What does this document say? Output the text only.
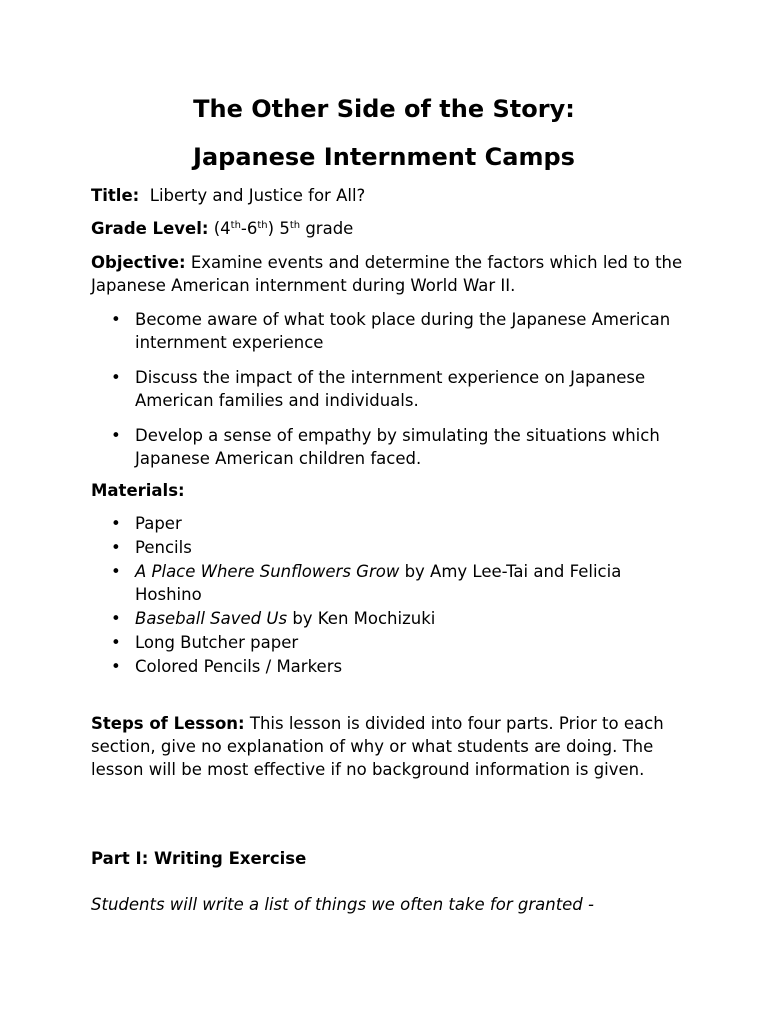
The Other Side of the Story:
Japanese Internment Camps
Title: Liberty and Justice for All?
Grade Level: (4th-6th) 5th grade
Objective: Examine events and determine the factors which led to the Japanese American internment during World War II.
• Become aware of what took place during the Japanese American internment experience
• Discuss the impact of the internment experience on Japanese American families and individuals.
• Develop a sense of empathy by simulating the situations which Japanese American children faced.
Materials:
• Paper
• Pencils
• A Place Where Sunflowers Grow by Amy Lee-Tai and Felicia Hoshino
• Baseball Saved Us by Ken Mochizuki
• Long Butcher paper
• Colored Pencils / Markers
Steps of Lesson: This lesson is divided into four parts. Prior to each section, give no explanation of why or what students are doing. The lesson will be most effective if no background information is given.
Part I: Writing Exercise
Students will write a list of things we often take for granted -
